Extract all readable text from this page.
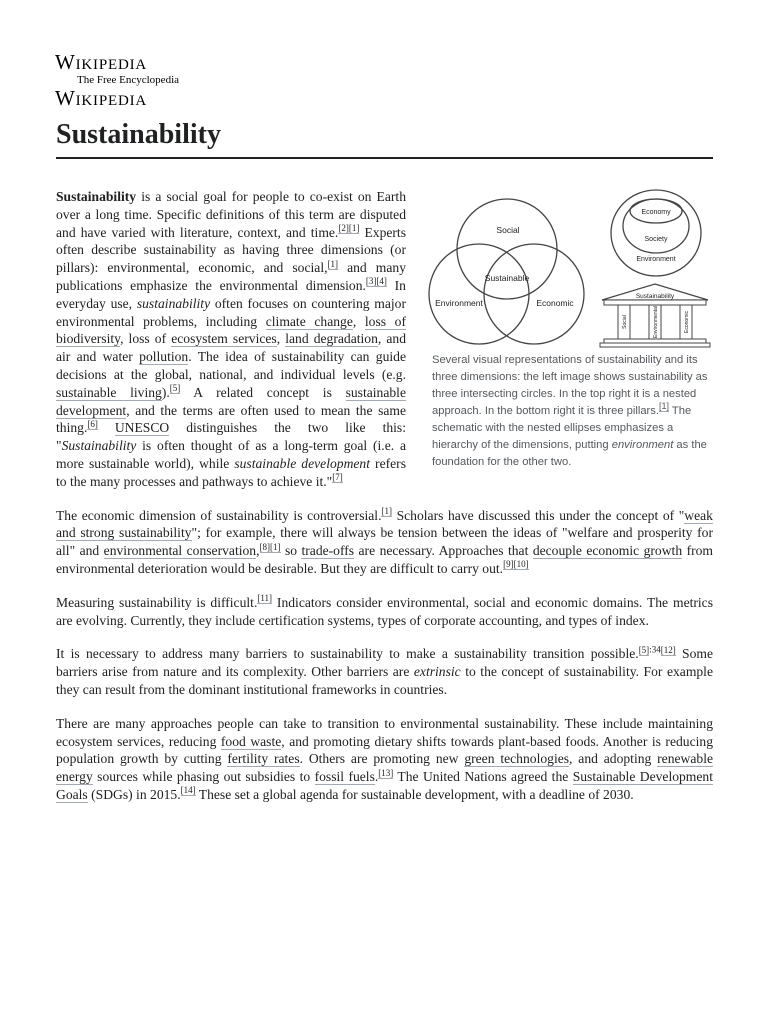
Wikipedia
The Free Encyclopedia
Wikipedia
Sustainability
Social
Sustainable
Environment	Economic
Economy
Society
Environment
Sustainability
Social	Environmental	Economic
Several visual representations of sustainability and its three dimensions: the left image shows sustainability as three intersecting circles. In the top right it is a nested approach. In the bottom right it is three pillars.[1] The schematic with the nested ellipses emphasizes a hierarchy of the dimensions, putting environment as the foundation for the other two.

Sustainability is a social goal for people to co-exist on Earth over a long time. Specific definitions of this term are disputed and have varied with literature, context, and time.[2][1] Experts often describe sustainability as having three dimensions (or pillars): environmental, economic, and social,[1] and many publications emphasize the environmental dimension.[3][4] In everyday use, sustainability often focuses on countering major environmental problems, including climate change, loss of biodiversity, loss of ecosystem services, land degradation, and air and water pollution. The idea of sustainability can guide decisions at the global, national, and individual levels (e.g. sustainable living).[5] A related concept is sustainable development, and the terms are often used to mean the same thing.[6] UNESCO distinguishes the two like this: "Sustainability is often thought of as a long-term goal (i.e. a more sustainable world), while sustainable development refers to the many processes and pathways to achieve it."[7]

The economic dimension of sustainability is controversial.[1] Scholars have discussed this under the concept of "weak and strong sustainability"; for example, there will always be tension between the ideas of "welfare and prosperity for all" and environmental conservation,[8][1] so trade-offs are necessary. Approaches that decouple economic growth from environmental deterioration would be desirable. But they are difficult to carry out.[9][10]

Measuring sustainability is difficult.[11] Indicators consider environmental, social and economic domains. The metrics are evolving. Currently, they include certification systems, types of corporate accounting, and types of index.

It is necessary to address many barriers to sustainability to make a sustainability transition possible.[5]:34[12] Some barriers arise from nature and its complexity. Other barriers are extrinsic to the concept of sustainability. For example they can result from the dominant institutional frameworks in countries.

There are many approaches people can take to transition to environmental sustainability. These include maintaining ecosystem services, reducing food waste, and promoting dietary shifts towards plant-based foods. Another is reducing population growth by cutting fertility rates. Others are promoting new green technologies, and adopting renewable energy sources while phasing out subsidies to fossil fuels.[13] The United Nations agreed the Sustainable Development Goals (SDGs) in 2015.[14] These set a global agenda for sustainable development, with a deadline of 2030.
